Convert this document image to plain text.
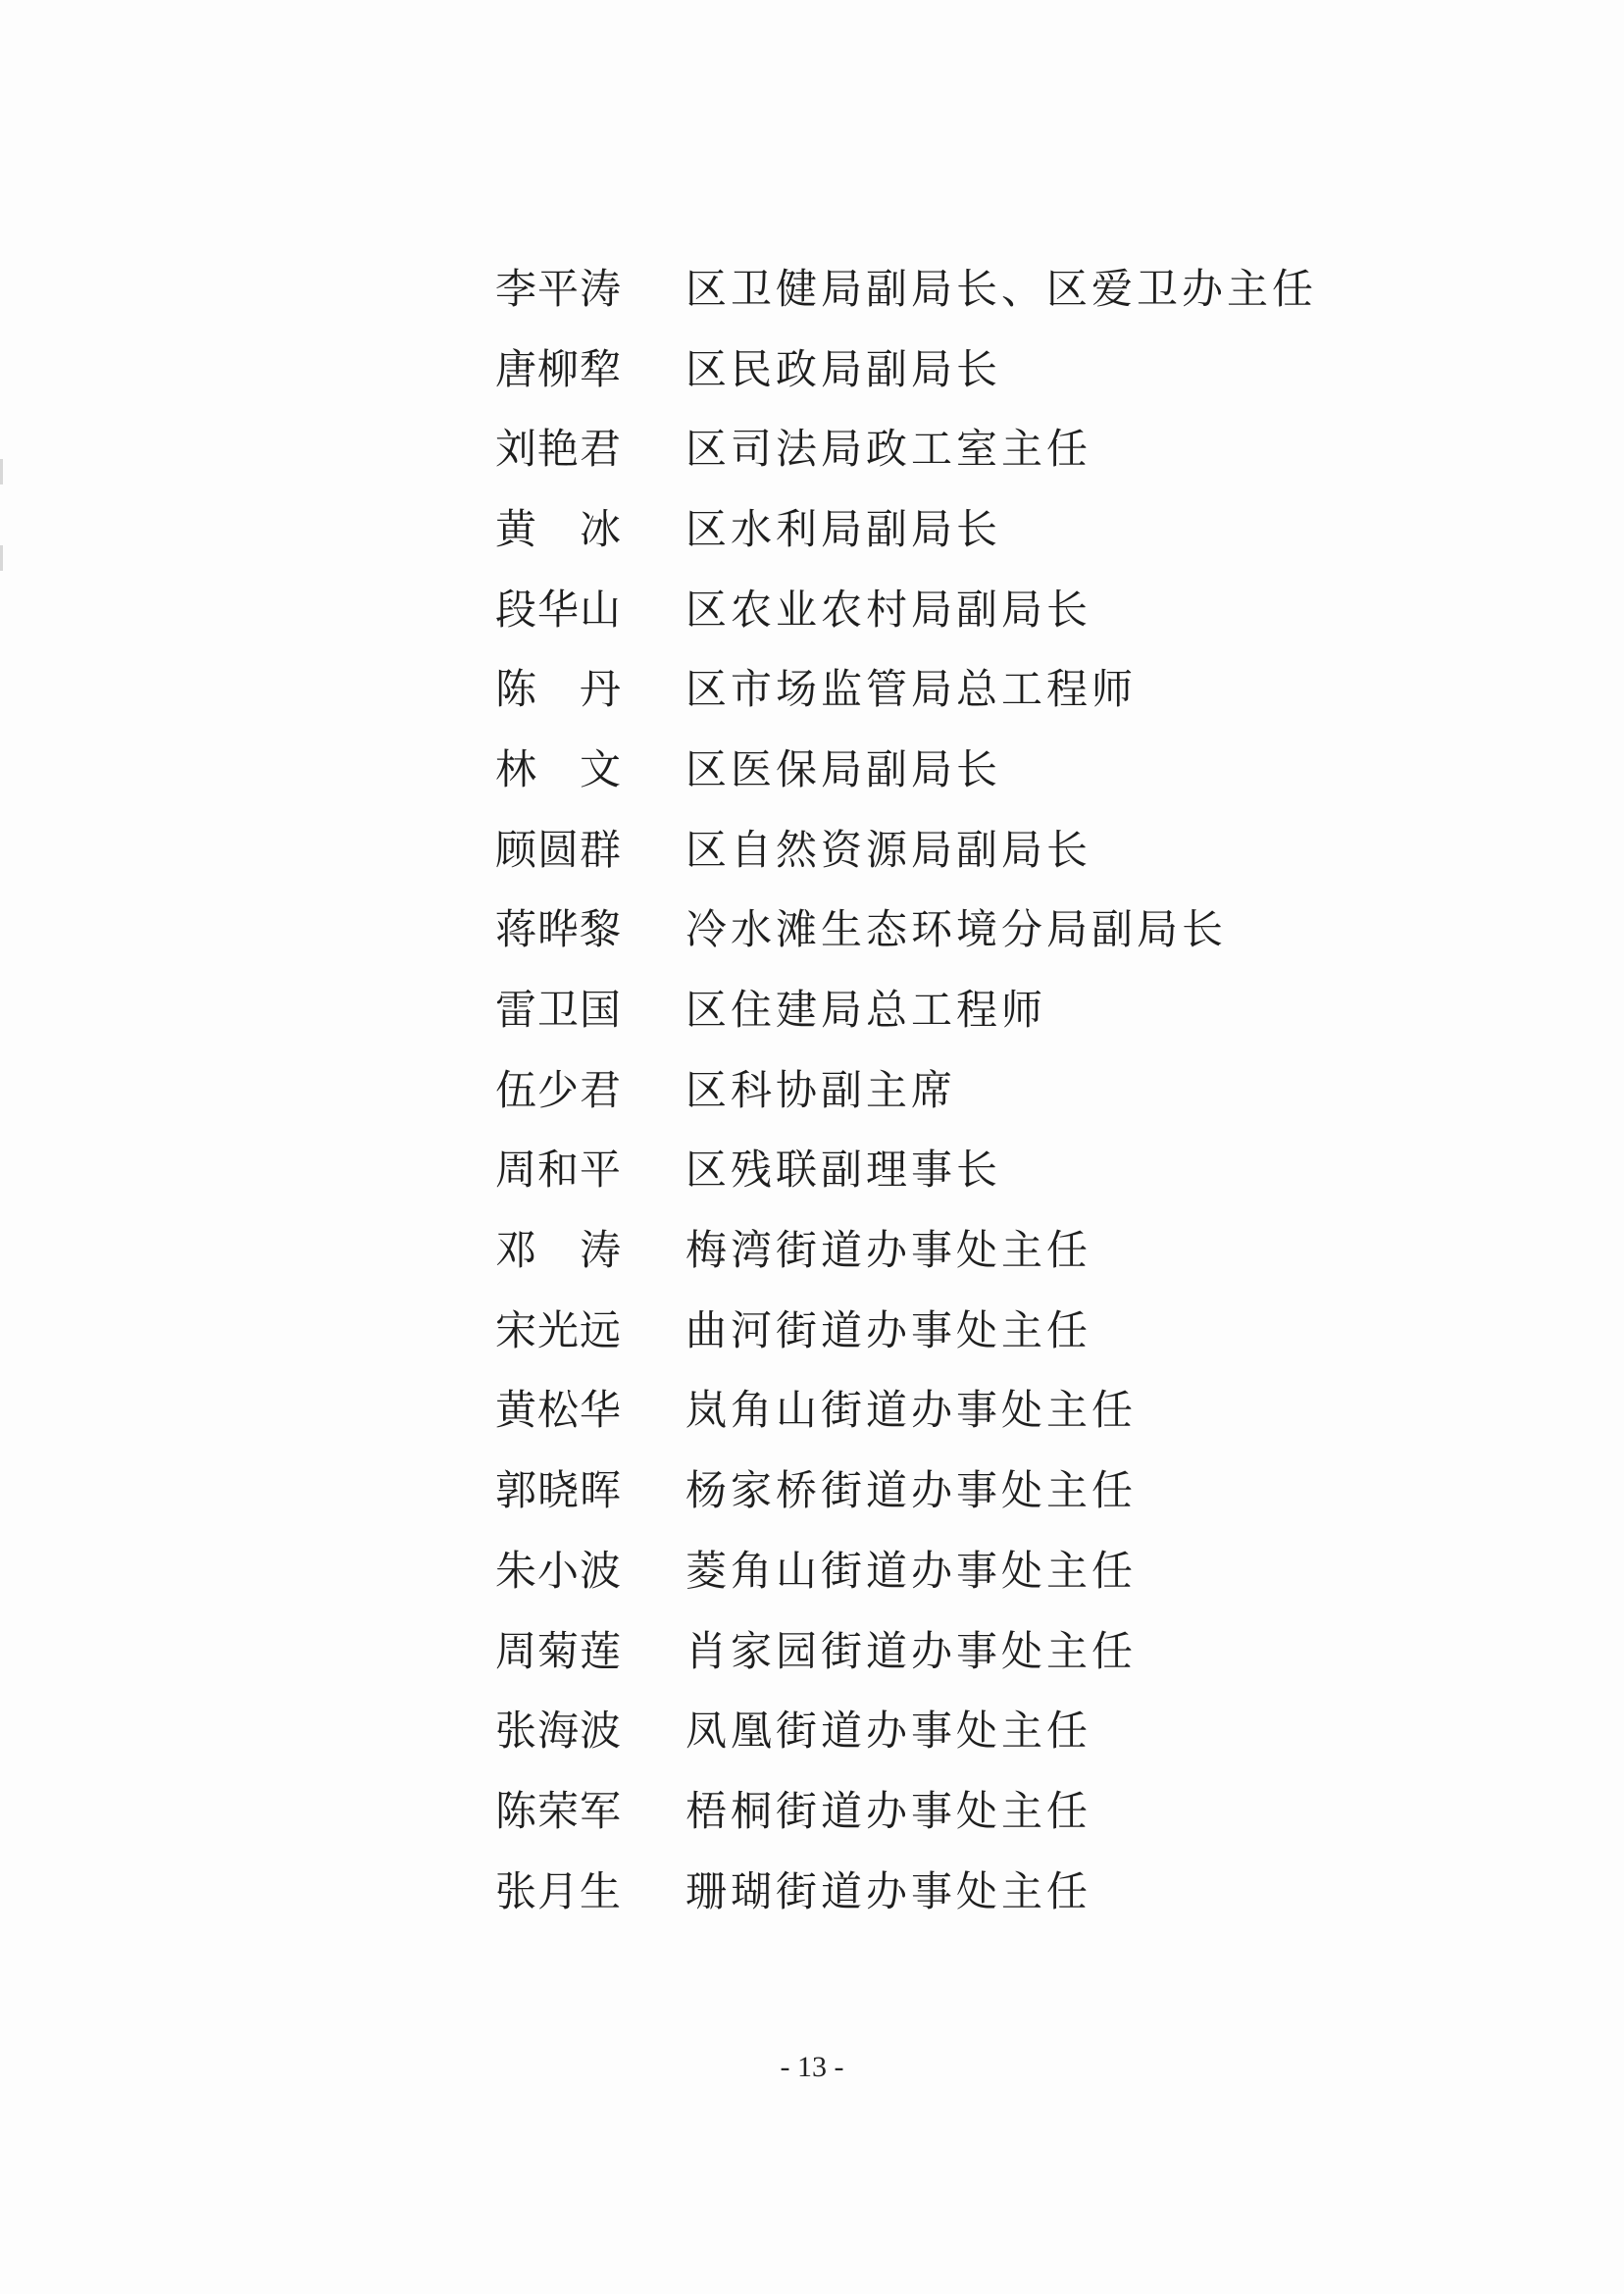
李平涛 区卫健局副局长、区爱卫办主任
唐柳犂 区民政局副局长
刘艳君 区司法局政工室主任
黄冰 区水利局副局长
段华山 区农业农村局副局长
陈丹 区市场监管局总工程师
林文 区医保局副局长
顾圆群 区自然资源局副局长
蒋晔黎 冷水滩生态环境分局副局长
雷卫国 区住建局总工程师
伍少君 区科协副主席
周和平 区残联副理事长
邓涛 梅湾街道办事处主任
宋光远 曲河街道办事处主任
黄松华 岚角山街道办事处主任
郭晓晖 杨家桥街道办事处主任
朱小波 菱角山街道办事处主任
周菊莲 肖家园街道办事处主任
张海波 凤凰街道办事处主任
陈荣军 梧桐街道办事处主任
张月生 珊瑚街道办事处主任
- 13 -
